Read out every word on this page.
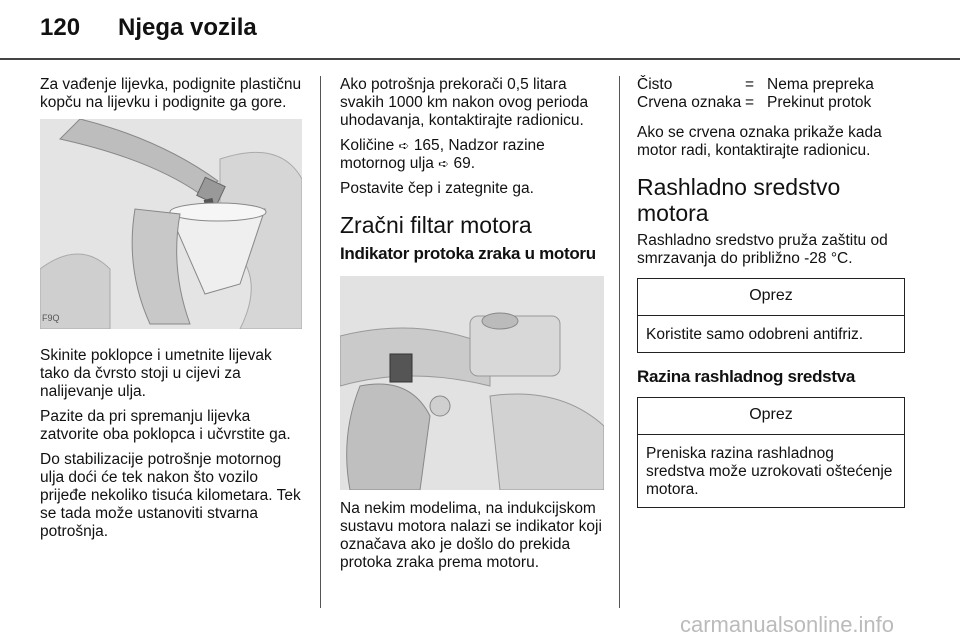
120 Njega vozila

Za vađenje lijevka, podignite plastičnu kopču na lijevku i podignite ga gore.

F9Q

Skinite poklopce i umetnite lijevak tako da čvrsto stoji u cijevi za nalijevanje ulja.

Pazite da pri spremanju lijevka zatvorite oba poklopca i učvrstite ga.

Do stabilizacije potrošnje motornog ulja doći će tek nakon što vozilo prijeđe nekoliko tisuća kilometara. Tek se tada može ustanoviti stvarna potrošnja.

Ako potrošnja prekorači 0,5 litara svakih 1000 km nakon ovog perioda uhodavanja, kontaktirajte radionicu.

Količine ➪ 165, Nadzor razine motornog ulja ➪ 69.

Postavite čep i zategnite ga.

Zračni filtar motora
Indikator protoka zraka u motoru

Na nekim modelima, na indukcijskom sustavu motora nalazi se indikator koji označava ako je došlo do prekida protoka zraka prema motoru.

Čisto	= Nema prepreka
Crvena oznaka = Prekinut protok

Ako se crvena oznaka prikaže kada motor radi, kontaktirajte radionicu.

Rashladno sredstvo motora

Rashladno sredstvo pruža zaštitu od smrzavanja do približno -28 °C.

Oprez
Koristite samo odobreni antifriz.
Razina rashladnog sredstva
Oprez
Preniska razina rashladnog sredstva može uzrokovati oštećenje motora.
carmanualsonline.info
